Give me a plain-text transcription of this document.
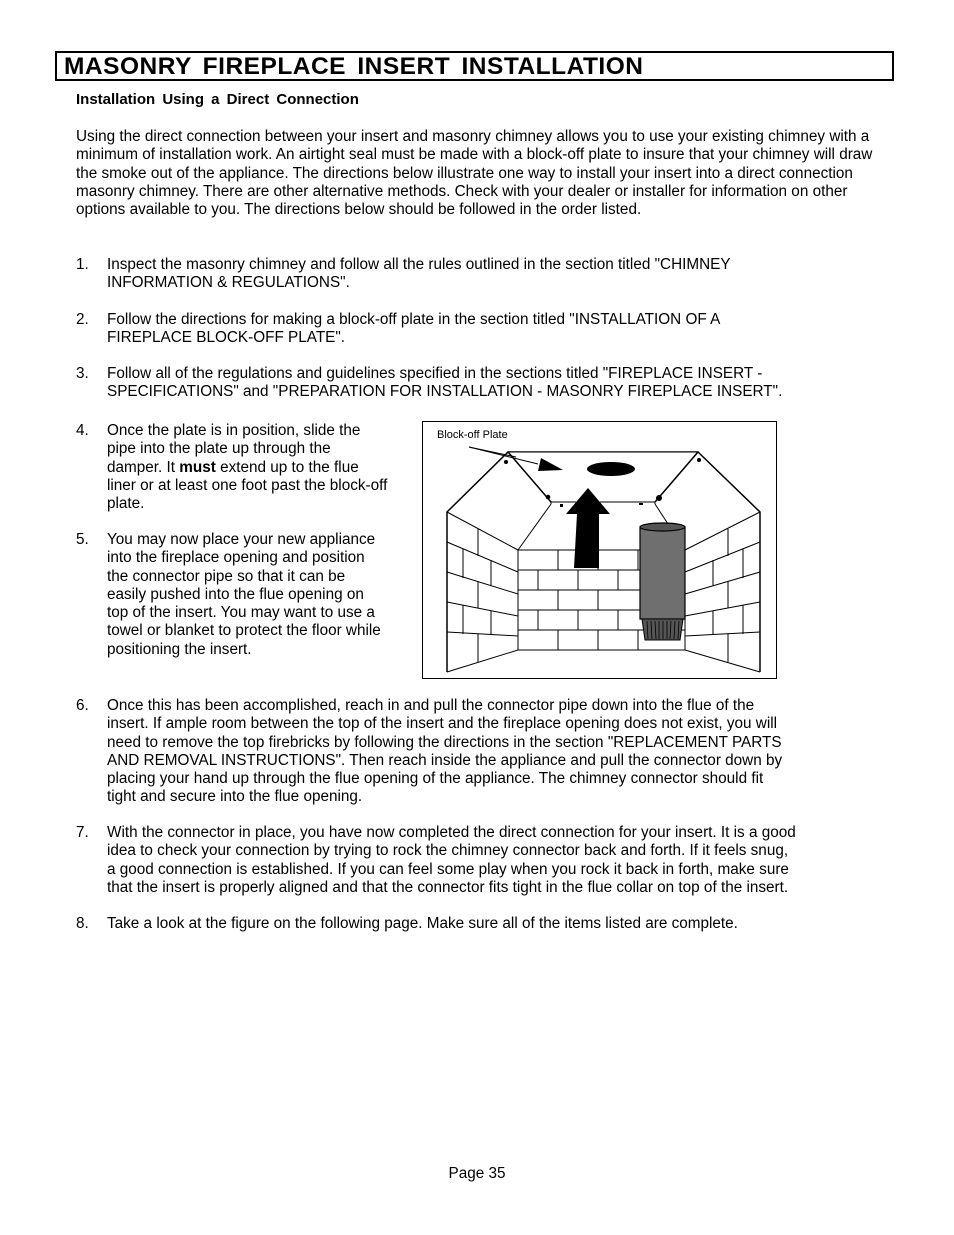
MASONRY FIREPLACE INSERT INSTALLATION

Installation Using a Direct Connection

Using the direct connection between your insert and masonry chimney allows you to use your existing chimney with a minimum of installation work. An airtight seal must be made with a block-off plate to insure that your chimney will draw the smoke out of the appliance. The directions below illustrate one way to install your insert into a direct connection masonry chimney. There are other alternative methods. Check with your dealer or installer for information on other options available to you. The directions below should be followed in the order listed.

1.	Inspect the masonry chimney and follow all the rules outlined in the section titled "CHIMNEY
INFORMATION & REGULATIONS".
2.	Follow the directions for making a block-off plate in the section titled "INSTALLATION OF A
FIREPLACE BLOCK-OFF PLATE".
3.	Follow all of the regulations and guidelines specified in the sections titled "FIREPLACE INSERT -
SPECIFICATIONS" and "PREPARATION FOR INSTALLATION - MASONRY FIREPLACE INSERT".
4.	Once the plate is in position, slide the
pipe into the plate up through the
damper. It must extend up to the flue
liner or at least one foot past the block-off
plate.
5.	You may now place your new appliance
into the fireplace opening and position
the connector pipe so that it can be
easily pushed into the flue opening on
top of the insert. You may want to use a
towel or blanket to protect the floor while
positioning the insert.
Block-off Plate
6.	Once this has been accomplished, reach in and pull the connector pipe down into the flue of the
insert. If ample room between the top of the insert and the fireplace opening does not exist, you will
need to remove the top firebricks by following the directions in the section "REPLACEMENT PARTS
AND REMOVAL INSTRUCTIONS". Then reach inside the appliance and pull the connector down by
placing your hand up through the flue opening of the appliance. The chimney connector should fit
tight and secure into the flue opening.
7.	With the connector in place, you have now completed the direct connection for your insert. It is a good
idea to check your connection by trying to rock the chimney connector back and forth. If it feels snug,
a good connection is established. If you can feel some play when you rock it back in forth, make sure
that the insert is properly aligned and that the connector fits tight in the flue collar on top of the insert.
8.	Take a look at the figure on the following page. Make sure all of the items listed are complete.
Page 35
